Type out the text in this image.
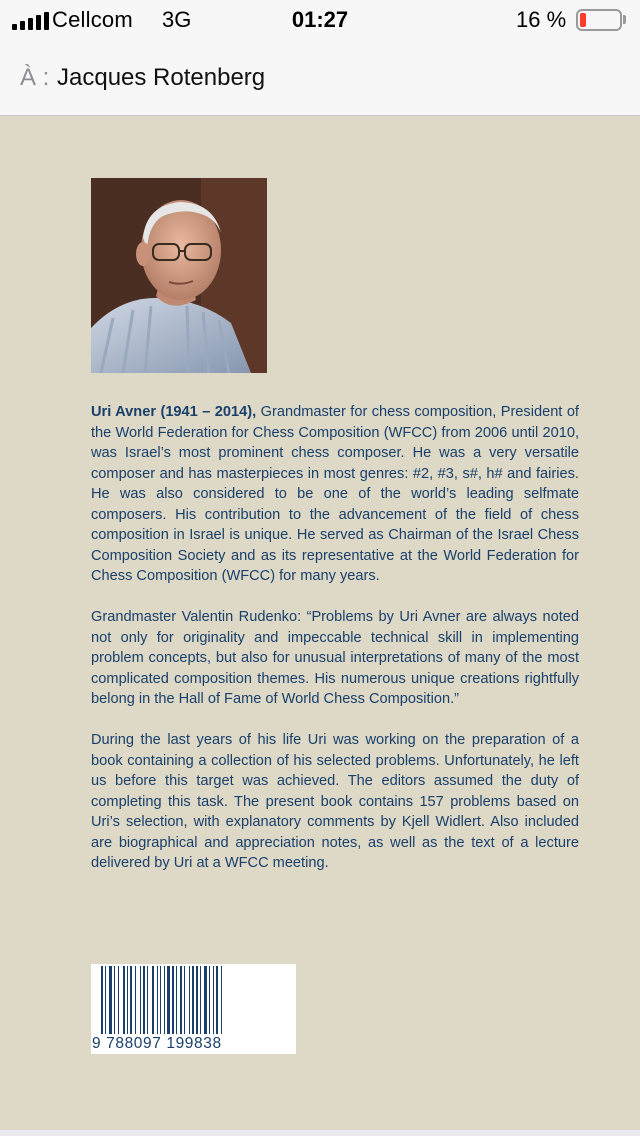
Cellcom 3G	01:27	16 %
À : Jacques Rotenberg

Uri Avner (1941 – 2014), Grandmaster for chess composition, President of the World Federation for Chess Composition (WFCC) from 2006 until 2010, was Israel’s most prominent chess composer. He was a very versatile composer and has masterpieces in most genres: #2, #3, s#, h# and fairies. He was also considered to be one of the world’s leading selfmate composers. His contribution to the advancement of the field of chess composition in Israel is unique. He served as Chairman of the Israel Chess Composition Society and as its representative at the World Federation for Chess Composition (WFCC) for many years.

Grandmaster Valentin Rudenko: “Problems by Uri Avner are always noted not only for originality and impeccable technical skill in implementing problem concepts, but also for unusual interpretations of many of the most complicated composition themes. His numerous unique creations rightfully belong in the Hall of Fame of World Chess Composition.”

During the last years of his life Uri was working on the preparation of a book containing a collection of his selected problems. Unfortunately, he left us before this target was achieved. The editors assumed the duty of completing this task. The present book contains 157 problems based on Uri’s selection, with explanatory comments by Kjell Widlert. Also included are biographical and appreciation notes, as well as the text of a lecture delivered by Uri at a WFCC meeting.

9 788097 199838
